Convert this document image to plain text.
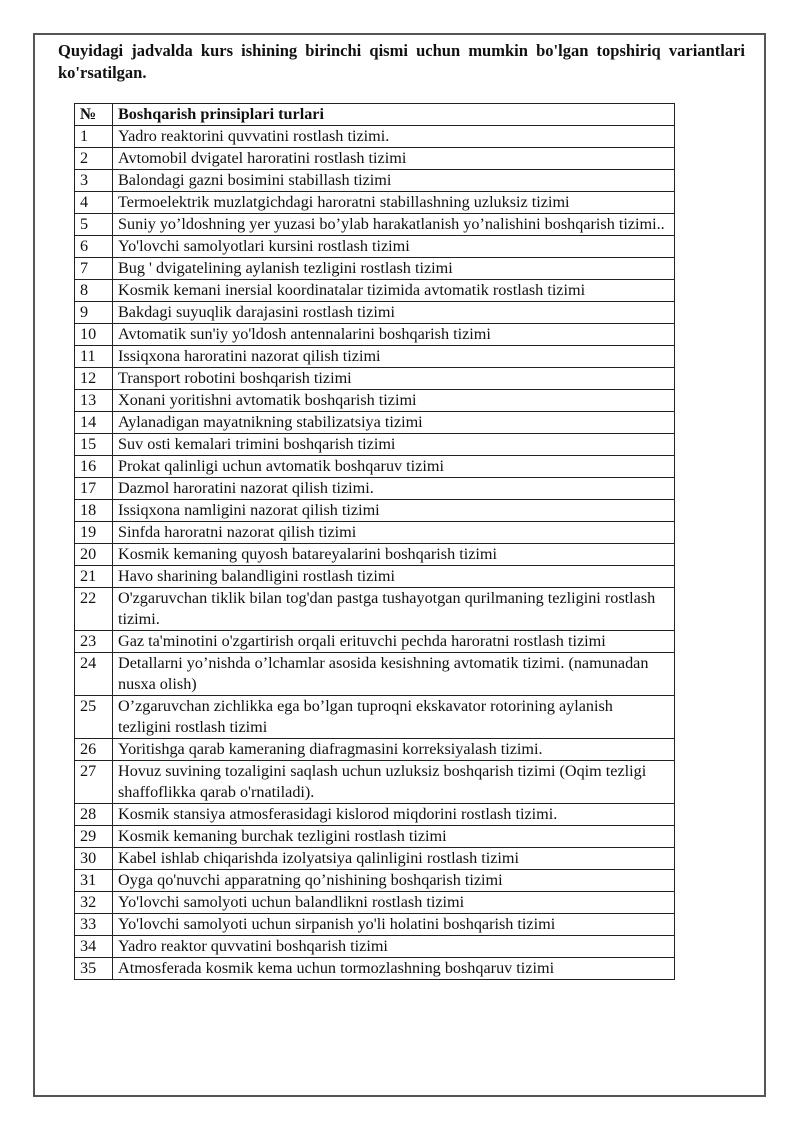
Quyidagi jadvalda kurs ishining birinchi qismi uchun mumkin bo'lgan topshiriq variantlari ko'rsatilgan.
№	Boshqarish prinsiplari turlari
1	Yadro reaktorini quvvatini rostlash tizimi.
2	Avtomobil dvigatel haroratini rostlash tizimi
3	Balondagi gazni bosimini stabillash tizimi
4	Termoelektrik muzlatgichdagi haroratni stabillashning uzluksiz tizimi
5	Suniy yo’ldoshning yer yuzasi bo’ylab harakatlanish yo’nalishini boshqarish tizimi..
6	Yo'lovchi samolyotlari kursini rostlash tizimi
7	Bug ' dvigatelining aylanish tezligini rostlash tizimi
8	Kosmik kemani inersial koordinatalar tizimida avtomatik rostlash tizimi
9	Bakdagi suyuqlik darajasini rostlash tizimi
10	Avtomatik sun'iy yo'ldosh antennalarini boshqarish tizimi
11	Issiqxona haroratini nazorat qilish tizimi
12	Transport robotini boshqarish tizimi
13	Xonani yoritishni avtomatik boshqarish tizimi
14	Aylanadigan mayatnikning stabilizatsiya tizimi
15	Suv osti kemalari trimini boshqarish tizimi
16	Prokat qalinligi uchun avtomatik boshqaruv tizimi
17	Dazmol haroratini nazorat qilish tizimi.
18	Issiqxona namligini nazorat qilish tizimi
19	Sinfda haroratni nazorat qilish tizimi
20	Kosmik kemaning quyosh batareyalarini boshqarish tizimi
21	Havo sharining balandligini rostlash tizimi
22	O'zgaruvchan tiklik bilan tog'dan pastga tushayotgan qurilmaning tezligini rostlash tizimi.
23	Gaz ta'minotini o'zgartirish orqali erituvchi pechda haroratni rostlash tizimi
24	Detallarni yo’nishda o’lchamlar asosida kesishning avtomatik tizimi. (namunadan nusxa olish)
25	O’zgaruvchan zichlikka ega bo’lgan tuproqni ekskavator rotorining aylanish tezligini rostlash tizimi
26	Yoritishga qarab kameraning diafragmasini korreksiyalash tizimi.
27	Hovuz suvining tozaligini saqlash uchun uzluksiz boshqarish tizimi (Oqim tezligi shaffoflikka qarab o'rnatiladi).
28	Kosmik stansiya atmosferasidagi kislorod miqdorini rostlash tizimi.
29	Kosmik kemaning burchak tezligini rostlash tizimi
30	Kabel ishlab chiqarishda izolyatsiya qalinligini rostlash tizimi
31	Oyga qo'nuvchi apparatning qo’nishining boshqarish tizimi
32	Yo'lovchi samolyoti uchun balandlikni rostlash tizimi
33	Yo'lovchi samolyoti uchun sirpanish yo'li holatini boshqarish tizimi
34	Yadro reaktor quvvatini boshqarish tizimi
35	Atmosferada kosmik kema uchun tormozlashning boshqaruv tizimi
